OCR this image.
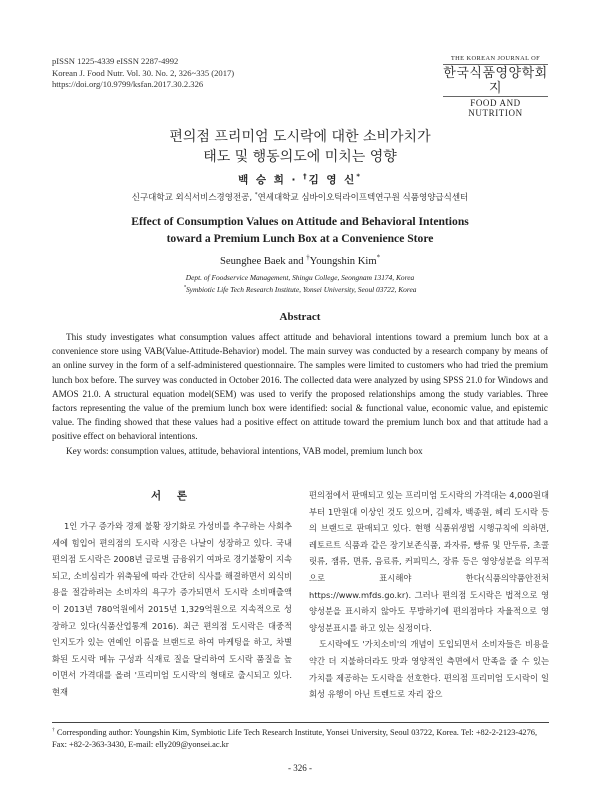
pISSN 1225-4339 eISSN 2287-4992
Korean J. Food Nutr. Vol. 30. No. 2, 326~335 (2017)
https://doi.org/10.9799/ksfan.2017.30.2.326
THE KOREAN JOURNAL OF
한국식품영양학회지
FOOD AND NUTRITION
편의점 프리미엄 도시락에 대한 소비가치가
태도 및 행동의도에 미치는 영향
백 승 희 · †김 영 신*
신구대학교 외식서비스경영전공, *연세대학교 심바이오틱라이프텍연구원 식품영양급식센터
Effect of Consumption Values on Attitude and Behavioral Intentions
toward a Premium Lunch Box at a Convenience Store
Seunghee Baek and †Youngshin Kim*
Dept. of Foodservice Management, Shingu College, Seongnam 13174, Korea
*Symbiotic Life Tech Research Institute, Yonsei University, Seoul 03722, Korea
Abstract
This study investigates what consumption values affect attitude and behavioral intentions toward a premium lunch box at a convenience store using VAB(Value-Attitude-Behavior) model. The main survey was conducted by a research company by means of an online survey in the form of a self-administered questionnaire. The samples were limited to customers who had tried the premium lunch box before. The survey was conducted in October 2016. The collected data were analyzed by using SPSS 21.0 for Windows and AMOS 21.0. A structural equation model(SEM) was used to verify the proposed relationships among the study variables. Three factors representing the value of the premium lunch box were identified: social & functional value, economic value, and epistemic value. The finding showed that these values had a positive effect on attitude toward the premium lunch box and that attitude had a positive effect on behavioral intentions.
Key words: consumption values, attitude, behavioral intentions, VAB model, premium lunch box
서 론
1인 가구 증가와 경제 불황 장기화로 가성비를 추구하는 사회추세에 힘입어 편의점의 도시락 시장은 나날이 성장하고 있다. 국내 편의점 도시락은 2008년 글로벌 금융위기 여파로 경기불황이 지속되고, 소비심리가 위축됨에 따라 간단히 식사를 해결하면서 외식비용을 절감하려는 소비자의 욕구가 증가되면서 도시락 소비매출액이 2013년 780억원에서 2015년 1,329억원으로 지속적으로 성장하고 있다(식품산업통계 2016). 최근 편의점 도시락은 대중적 인지도가 있는 연예인 이름을 브랜드로 하여 마케팅을 하고, 차별화된 도시락 메뉴 구성과 식재료 질을 달리하여 도시락 품질을 높이면서 가격대를 올려 '프리미엄 도시락'의 형태로 출시되고 있다. 현재

편의점에서 판매되고 있는 프리미엄 도시락의 가격대는 4,000원대부터 1만원대 이상인 것도 있으며, 김혜자, 백종원, 혜리 도시락 등의 브랜드로 판매되고 있다. 현행 식품위생법 시행규칙에 의하면, 레토르트 식품과 같은 장기보존식품, 과자류, 빵류 및 만두류, 초콜릿류, 잼류, 면류, 음료류, 커피믹스, 장류 등은 영양성분을 의무적으로 표시해야 한다(식품의약품안전처 https://www.mfds.go.kr). 그러나 편의점 도시락은 법적으로 영양성분을 표시하지 않아도 무방하기에 편의점마다 자율적으로 영양성분표시를 하고 있는 실정이다.

도시락에도 '가치소비'의 개념이 도입되면서 소비자들은 비용을 약간 더 지불하더라도 맛과 영양적인 측면에서 만족을 줄 수 있는 가치를 제공하는 도시락을 선호한다. 편의점 프리미엄 도시락이 일회성 유행이 아닌 트렌드로 자리 잡으

† Corresponding author: Youngshin Kim, Symbiotic Life Tech Research Institute, Yonsei University, Seoul 03722, Korea. Tel: +82-2-2123-4276, Fax: +82-2-363-3430, E-mail: elly209@yonsei.ac.kr
- 326 -
